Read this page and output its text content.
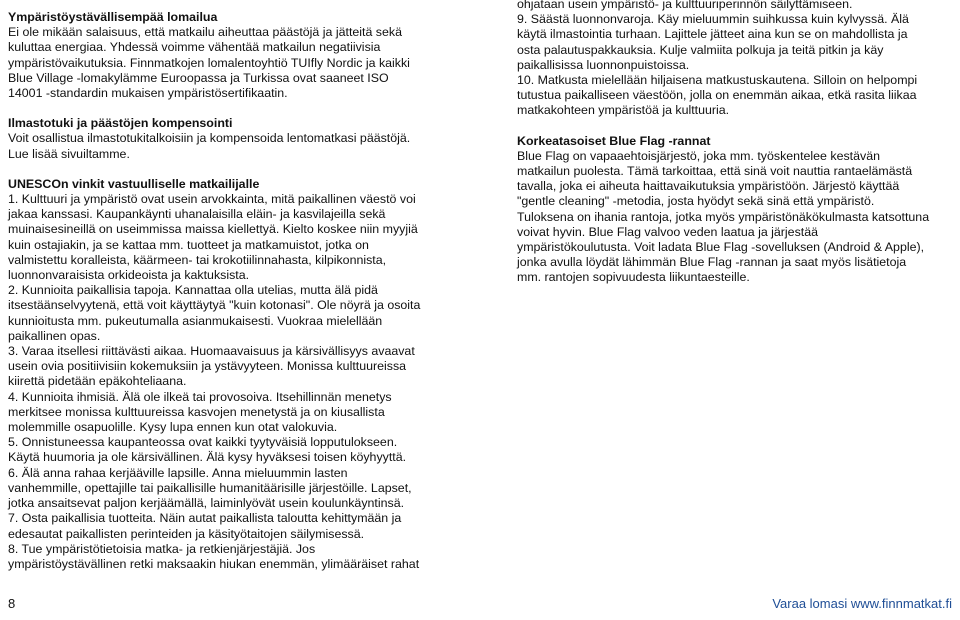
Ympäristöystävällisempää lomailua
Ei ole mikään salaisuus, että matkailu aiheuttaa päästöjä ja jätteitä sekä
kuluttaa energiaa. Yhdessä voimme vähentää matkailun negatiivisia
ympäristövaikutuksia. Finnmatkojen lomalentoyhtiö TUIfly Nordic ja kaikki
Blue Village -lomakylämme Euroopassa ja Turkissa ovat saaneet ISO
14001 -standardin mukaisen ympäristösertifikaatin.
Ilmastotuki ja päästöjen kompensointi
Voit osallistua ilmastotukitalkoisiin ja kompensoida lentomatkasi päästöjä.
Lue lisää sivuiltamme.
UNESCOn vinkit vastuulliselle matkailijalle
1. Kulttuuri ja ympäristö ovat usein arvokkainta, mitä paikallinen väestö voi
jakaa kanssasi. Kaupankäynti uhanalaisilla eläin- ja kasvilajeilla sekä
muinaisesineillä on useimmissa maissa kiellettyä. Kielto koskee niin myyjiä
kuin ostajiakin, ja se kattaa mm. tuotteet ja matkamuistot, jotka on
valmistettu koralleista, käärmeen- tai krokotiilinnahasta, kilpikonnista,
luonnonvaraisista orkideoista ja kaktuksista.
2. Kunnioita paikallisia tapoja. Kannattaa olla utelias, mutta älä pidä
itsestäänselvyytenä, että voit käyttäytyä "kuin kotonasi". Ole nöyrä ja osoita
kunnioitusta mm. pukeutumalla asianmukaisesti. Vuokraa mielellään
paikallinen opas.
3. Varaa itsellesi riittävästi aikaa. Huomaavaisuus ja kärsivällisyys avaavat
usein ovia positiivisiin kokemuksiin ja ystävyyteen. Monissa kulttuureissa
kiirettä pidetään epäkohteliaana.
4. Kunnioita ihmisiä. Älä ole ilkeä tai provosoiva. Itsehillinnän menetys
merkitsee monissa kulttuureissa kasvojen menetystä ja on kiusallista
molemmille osapuolille. Kysy lupa ennen kun otat valokuvia.
5. Onnistuneessa kaupanteossa ovat kaikki tyytyväisiä lopputulokseen.
Käytä huumoria ja ole kärsivällinen. Älä kysy hyväksesi toisen köyhyyttä.
6. Älä anna rahaa kerjääville lapsille. Anna mieluummin lasten
vanhemmille, opettajille tai paikallisille humanitäärisille järjestöille. Lapset,
jotka ansaitsevat paljon kerjäämällä, laiminlyövät usein koulunkäyntinsä.
7. Osta paikallisia tuotteita. Näin autat paikallista taloutta kehittymään ja
edesautat paikallisten perinteiden ja käsityötaitojen säilymisessä.
8. Tue ympäristötietoisia matka- ja retkienjärjestäjiä. Jos
ympäristöystävällinen retki maksaakin hiukan enemmän, ylimääräiset rahat
ohjataan usein ympäristö- ja kulttuuriperinnön säilyttämiseen.
9. Säästä luonnonvaroja. Käy mieluummin suihkussa kuin kylvyssä. Älä
käytä ilmastointia turhaan. Lajittele jätteet aina kun se on mahdollista ja
osta palautuspakkauksia. Kulje valmiita polkuja ja teitä pitkin ja käy
paikallisissa luonnonpuistoissa.
10. Matkusta mielellään hiljaisena matkustuskautena. Silloin on helpompi
tutustua paikalliseen väestöön, jolla on enemmän aikaa, etkä rasita liikaa
matkakohteen ympäristöä ja kulttuuria.
Korkeatasoiset Blue Flag -rannat
Blue Flag on vapaaehtoisjärjestö, joka mm. työskentelee kestävän
matkailun puolesta. Tämä tarkoittaa, että sinä voit nauttia rantaelämästä
tavalla, joka ei aiheuta haittavaikutuksia ympäristöön. Järjestö käyttää
"gentle cleaning" -metodia, josta hyödyt sekä sinä että ympäristö.
Tuloksena on ihania rantoja, jotka myös ympäristönäkökulmasta katsottuna
voivat hyvin. Blue Flag valvoo veden laatua ja järjestää
ympäristökoulutusta. Voit ladata Blue Flag -sovelluksen (Android & Apple),
jonka avulla löydät lähimmän Blue Flag -rannan ja saat myös lisätietoja
mm. rantojen sopivuudesta liikuntaesteille.
8	Varaa lomasi www.finnmatkat.fi
